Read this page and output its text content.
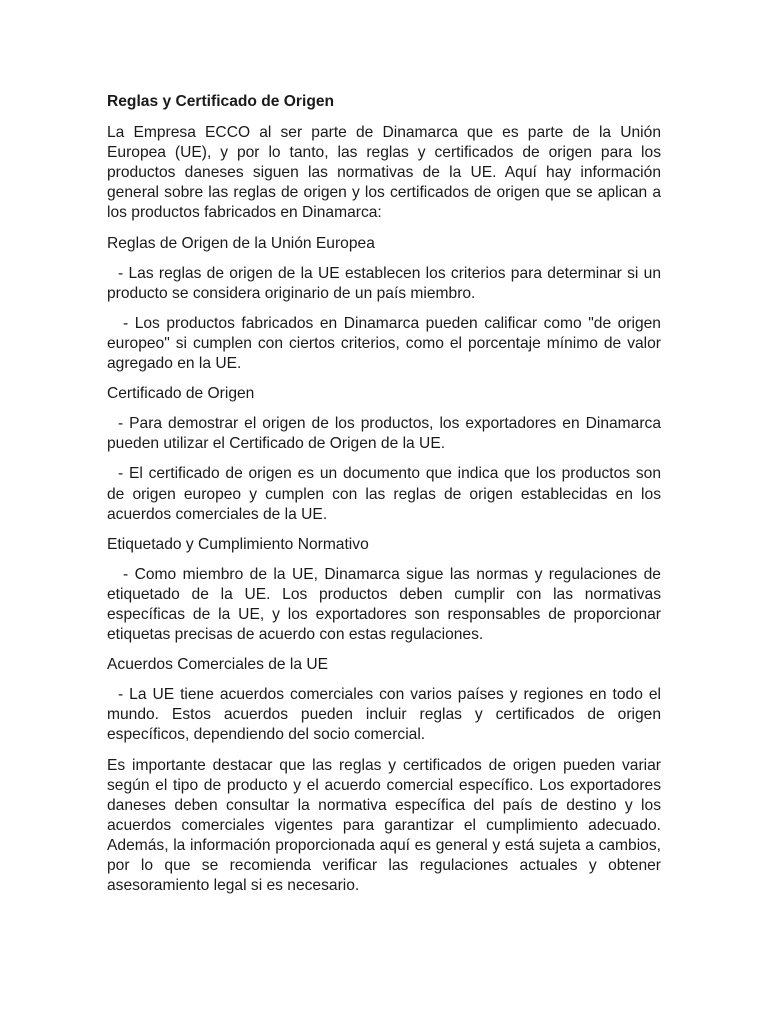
Reglas y Certificado de Origen

La Empresa ECCO al ser parte de Dinamarca que es parte de la Unión Europea (UE), y por lo tanto, las reglas y certificados de origen para los productos daneses siguen las normativas de la UE. Aquí hay información general sobre las reglas de origen y los certificados de origen que se aplican a los productos fabricados en Dinamarca:

Reglas de Origen de la Unión Europea

- Las reglas de origen de la UE establecen los criterios para determinar si un producto se considera originario de un país miembro.

- Los productos fabricados en Dinamarca pueden calificar como "de origen europeo" si cumplen con ciertos criterios, como el porcentaje mínimo de valor agregado en la UE.

Certificado de Origen

- Para demostrar el origen de los productos, los exportadores en Dinamarca pueden utilizar el Certificado de Origen de la UE.

- El certificado de origen es un documento que indica que los productos son de origen europeo y cumplen con las reglas de origen establecidas en los acuerdos comerciales de la UE.

Etiquetado y Cumplimiento Normativo

- Como miembro de la UE, Dinamarca sigue las normas y regulaciones de etiquetado de la UE. Los productos deben cumplir con las normativas específicas de la UE, y los exportadores son responsables de proporcionar etiquetas precisas de acuerdo con estas regulaciones.

Acuerdos Comerciales de la UE

- La UE tiene acuerdos comerciales con varios países y regiones en todo el mundo. Estos acuerdos pueden incluir reglas y certificados de origen específicos, dependiendo del socio comercial.

Es importante destacar que las reglas y certificados de origen pueden variar según el tipo de producto y el acuerdo comercial específico. Los exportadores daneses deben consultar la normativa específica del país de destino y los acuerdos comerciales vigentes para garantizar el cumplimiento adecuado. Además, la información proporcionada aquí es general y está sujeta a cambios, por lo que se recomienda verificar las regulaciones actuales y obtener asesoramiento legal si es necesario.
